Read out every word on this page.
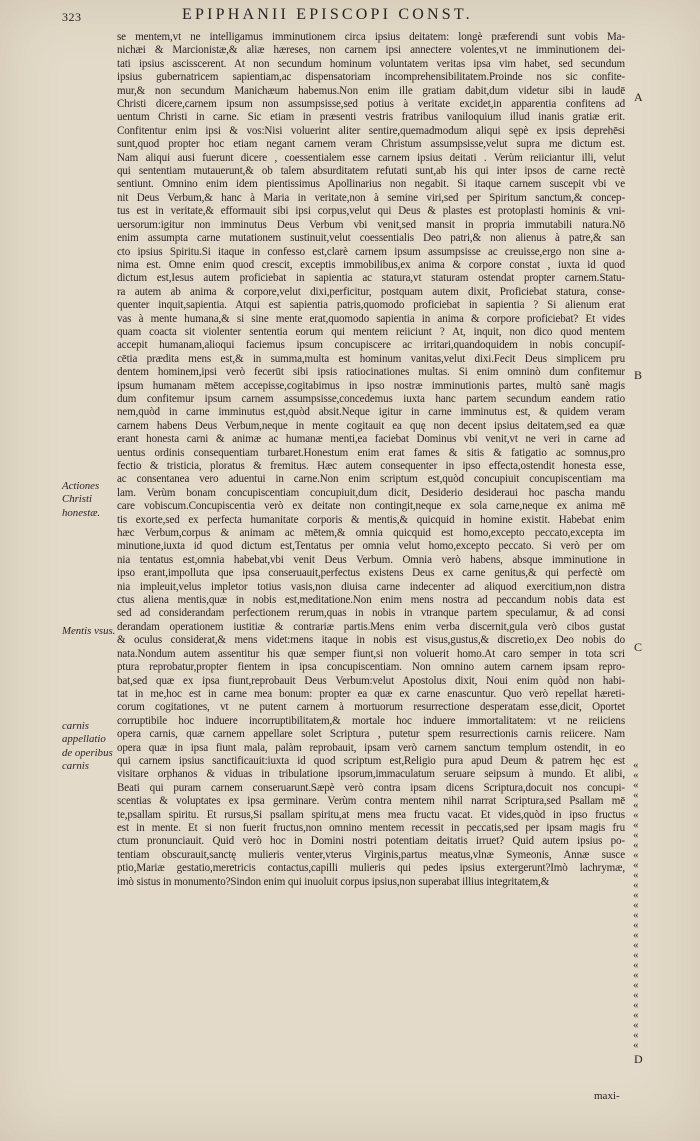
323	EPIPHANII EPISCOPI CONST.
Actiones Christi honestæ.
Mentis vsus.
carnis appellatio de operibus carnis
A
B
C
D
« « « « « « « « « « « « « « « « « « « « « « « « « « « « «
se mentem,vt ne intelligamus imminutionem circa ipsius deitatem: longè præferendi sunt vobis Ma-
nichæi & Marcionistæ,& aliæ hæreses, non carnem ipsi annectere volentes,vt ne imminutionem dei-
tati ipsius ascisscerent. At non secundum hominum voluntatem veritas ipsa vim habet, sed secundum
ipsius gubernatricem sapientiam,ac dispensatoriam incomprehensibilitatem.Proinde nos sic confite-
mur,& non secundum Manichæum habemus.Non enim ille gratiam dabit,dum videtur sibi in laudē
Christi dicere,carnem ipsum non assumpsisse,sed potius à veritate excidet,in apparentia confitens ad
uentum Christi in carne. Sic etiam in præsenti vestris fratribus vaniloquium illud inanis gratiæ erit.
Confitentur enim ipsi & vos:Nisi voluerint aliter sentire,quemadmodum aliqui sępè ex ipsis deprehēsi
sunt,quod propter hoc etiam negant carnem veram Christum assumpsisse,velut supra me dictum est.
Nam aliqui ausi fuerunt dicere , coessentialem esse carnem ipsius deitati . Verùm reiiciantur illi, velut
qui sententiam mutauerunt,& ob talem absurditatem refutati sunt,ab his qui inter ipsos de carne rectè
sentiunt. Omnino enim idem pientissimus Apollinarius non negabit. Si itaque carnem suscepit vbi ve
nit Deus Verbum,& hanc à Maria in veritate,non à semine viri,sed per Spiritum sanctum,& concep-
tus est in veritate,& efformauit sibi ipsi corpus,velut qui Deus & plastes est protoplasti hominis & vni-
uersorum:igitur non imminutus Deus Verbum vbi venit,sed mansit in propria immutabili natura.Nō
enim assumpta carne mutationem sustinuit,velut coessentialis Deo patri,& non alienus à patre,& san
cto ipsius Spiritu.Si itaque in confesso est,clarè carnem ipsum assumpsisse ac creuisse,ergo non sine a-
nima est. Omne enim quod crescit, exceptis immobilibus,ex anima & corpore constat , iuxta id quod
dictum est,Iesus autem proficiebat in sapientia ac statura,vt staturam ostendat propter carnem.Statu-
ra autem ab anima & corpore,velut dixi,perficitur, postquam autem dixit, Proficiebat statura, conse-
quenter inquit,sapientia. Atqui est sapientia patris,quomodo proficiebat in sapientia ? Si alienum erat
vas à mente humana,& si sine mente erat,quomodo sapientia in anima & corpore proficiebat? Et vides
quam coacta sit violenter sententia eorum qui mentem reiiciunt ? At, inquit, non dico quod mentem
accepit humanam,alioqui faciemus ipsum concupiscere ac irritari,quandoquidem in nobis concupiſ-
cētia prædita mens est,& in summa,multa est hominum vanitas,velut dixi.Fecit Deus simplicem pru
dentem hominem,ipsi verò fecerūt sibi ipsis ratiocinationes multas. Si enim omninò dum confitemur
ipsum humanam mētem accepisse,cogitabimus in ipso nostræ imminutionis partes, multò sanè magis
dum confitemur ipsum carnem assumpsisse,concedemus iuxta hanc partem secundum eandem ratio
nem,quòd in carne imminutus est,quòd absit.Neque igitur in carne imminutus est, & quidem veram
carnem habens Deus Verbum,neque in mente cogitauit ea quę non decent ipsius deitatem,sed ea quæ
erant honesta carni & animæ ac humanæ menti,ea faciebat Dominus vbi venit,vt ne veri in carne ad
uentus ordinis consequentiam turbaret.Honestum enim erat fames & sitis & fatigatio ac somnus,pro
fectio & tristicia, ploratus & fremitus. Hæc autem consequenter in ipso effecta,ostendit honesta esse,
ac consentanea vero aduentui in carne.Non enim scriptum est,quòd concupiuit concupiscentiam ma
lam. Verùm bonam concupiscentiam concupiuit,dum dicit, Desiderio desideraui hoc pascha mandu
care vobiscum.Concupiscentia verò ex deitate non contingit,neque ex sola carne,neque ex anima mē
tis exorte,sed ex perfecta humanitate corporis & mentis,& quicquid in homine existit. Habebat enim
hæc Verbum,corpus & animam ac mētem,& omnia quicquid est homo,excepto peccato,excepta im
minutione,iuxta id quod dictum est,Tentatus per omnia velut homo,excepto peccato. Si verò per om
nia tentatus est,omnia habebat,vbi venit Deus Verbum. Omnia verò habens, absque imminutione in
ipso erant,impolluta que ipsa conseruauit,perfectus existens Deus ex carne genitus,& qui perfectè om
nia impleuit,velus impletor totius vasis,non diuisa carne indecenter ad aliquod exercitium,non distra
ctus aliena mentis,quæ in nobis est,meditatione.Non enim mens nostra ad peccandum nobis data est
sed ad considerandam perfectionem rerum,quas in nobis in vtranque partem speculamur, & ad consi
derandam operationem iustitiæ & contrariæ partis.Mens enim verba discernit,gula verò cibos gustat
& oculus considerat,& mens videt:mens itaque in nobis est visus,gustus,& discretio,ex Deo nobis do
nata.Nondum autem assentitur his quæ semper fiunt,si non voluerit homo.At caro semper in tota scri
ptura reprobatur,propter fientem in ipsa concupiscentiam. Non omnino autem carnem ipsam repro-
bat,sed quæ ex ipsa fiunt,reprobauit Deus Verbum:velut Apostolus dixit, Noui enim quòd non habi-
tat in me,hoc est in carne mea bonum: propter ea quæ ex carne enascuntur. Quo verò repellat hæreti-
corum cogitationes, vt ne putent carnem à mortuorum resurrectione desperatam esse,dicit, Oportet
corruptibile hoc induere incorruptibilitatem,& mortale hoc induere immortalitatem: vt ne reiiciens
opera carnis, quæ carnem appellare solet Scriptura , putetur spem resurrectionis carnis reiicere. Nam
opera quæ in ipsa fiunt mala, palàm reprobauit, ipsam verò carnem sanctum templum ostendit, in eo
qui carnem ipsius sanctificauit:iuxta id quod scriptum est,Religio pura apud Deum & patrem hęc est
visitare orphanos & viduas in tribulatione ipsorum,immaculatum seruare seipsum à mundo. Et alibi,
Beati qui puram carnem conseruarunt.Sæpè verò contra ipsam dicens Scriptura,docuit nos concupi-
scentias & voluptates ex ipsa germinare. Verùm contra mentem nihil narrat Scriptura,sed Psallam mē
te,psallam spiritu. Et rursus,Si psallam spiritu,at mens mea fructu vacat. Et vides,quòd in ipso fructus
est in mente. Et si non fuerit fructus,non omnino mentem recessit in peccatis,sed per ipsam magis fru
ctum pronunciauit. Quid verò hoc in Domini nostri potentiam deitatis irruet? Quid autem ipsius po-
tentiam obscurauit,sanctę mulieris venter,vterus Virginis,partus meatus,vlnæ Symeonis, Annæ susce
ptio,Mariæ gestatio,meretricis contactus,capilli mulieris qui pedes ipsius extergerunt?Imò lachrymæ,
imò sistus in monumento?Sindon enim qui inuoluit corpus ipsius,non superabat illius integritatem,&
maxi-
